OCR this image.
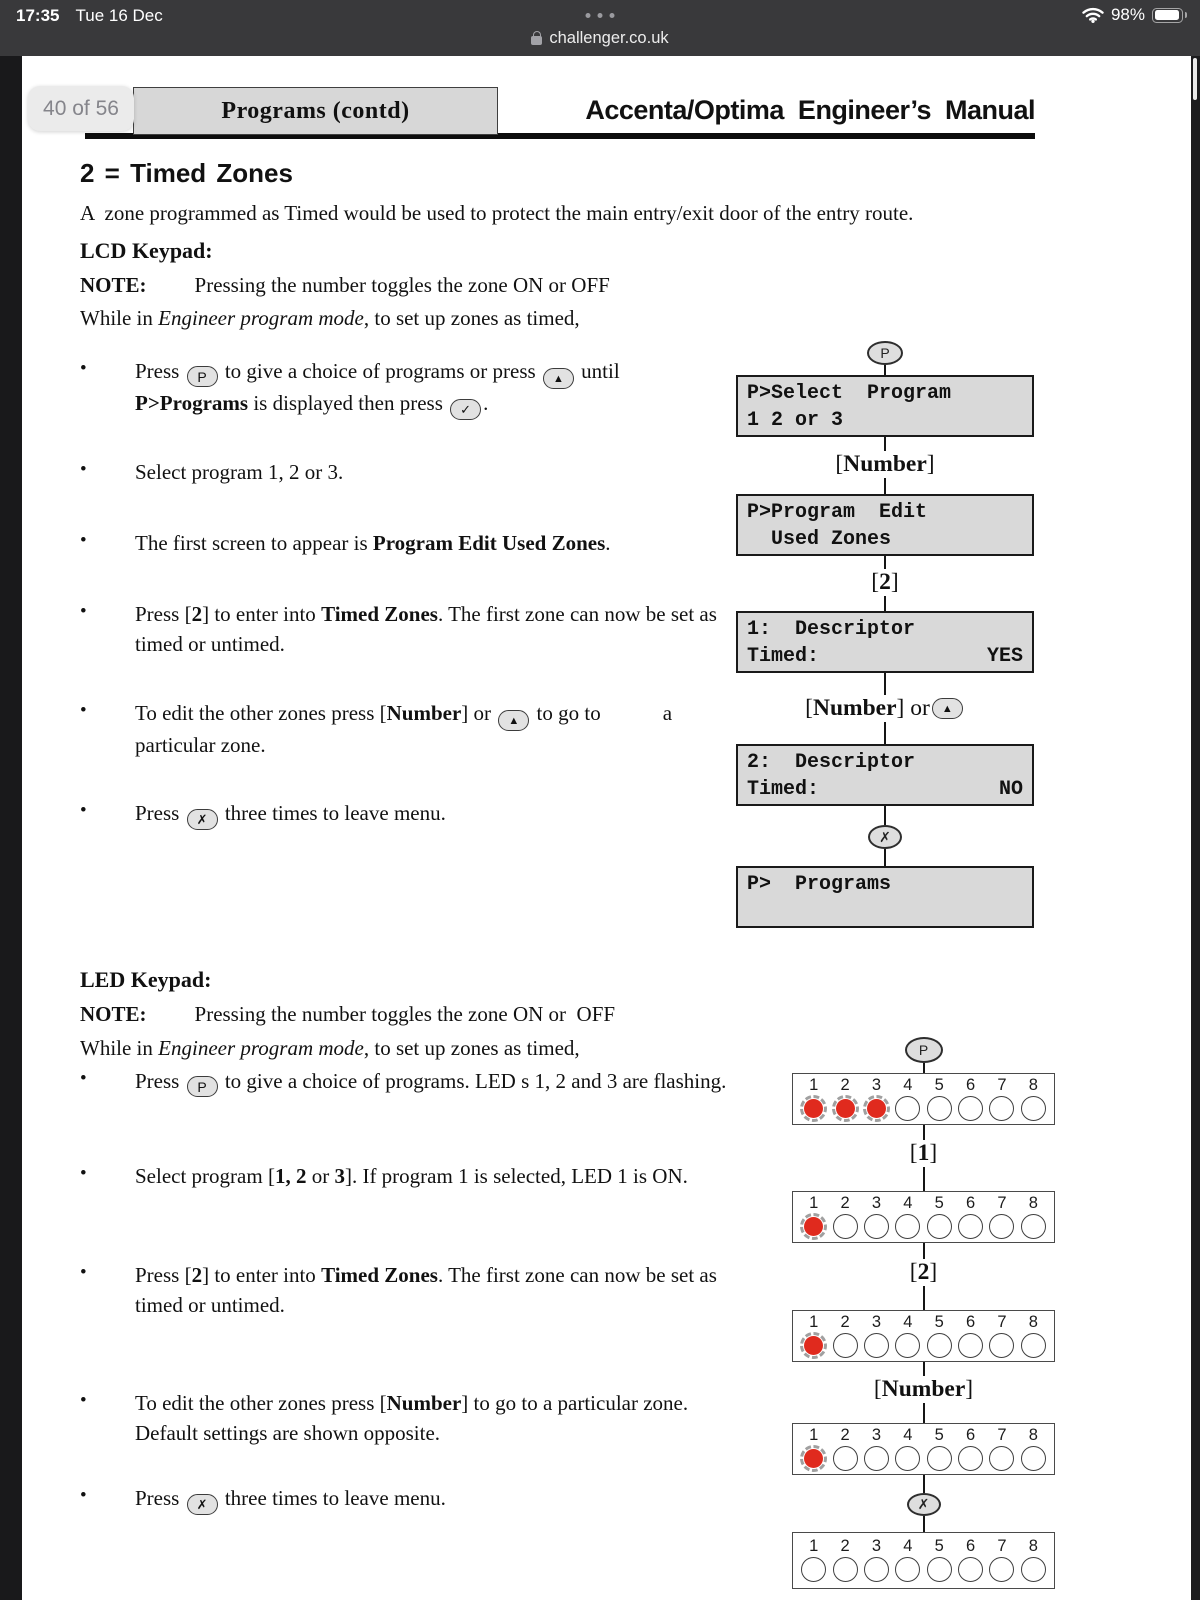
17:35 Tue 16 Dec	98%
challenger.co.uk
40 of 56	Programs (contd)	Accenta/Optima Engineer’s Manual
2 = Timed Zones
A  zone programmed as Timed would be used to protect the main entry/exit door of the entry route.
LCD Keypad:
NOTE: Pressing the number toggles the zone ON or OFF
While in Engineer program mode, to set up zones as timed,
•	Press P to give a choice of programs or press ▲ until P>Programs is displayed then press ✓ .
•	Select program 1, 2 or 3.
•	The first screen to appear is Program Edit Used Zones.
•	Press [2] to enter into Timed Zones. The first zone can now be set as timed or untimed.
•	To edit the other zones press [Number] or ▲ to go to	a particular zone.
•	Press ✗ three times to leave menu.
P
P>Select  Program
1 2 or 3
[ Number ]
P>Program  Edit
Used Zones
[ 2 ]
1:  Descriptor
Timed:	YES
[ Number ] or	▲
2:  Descriptor
Timed:	NO
✗
P>  Programs
LED Keypad:
NOTE: Pressing the number toggles the zone ON or  OFF
While in Engineer program mode, to set up zones as timed,
•	Press P to give a choice of programs. LED s 1, 2 and 3 are flashing.
•	Select program [1, 2 or 3]. If program 1 is selected, LED 1 is ON.
•	Press [2] to enter into Timed Zones. The first zone can now be set as timed or untimed.
•	To edit the other zones press [Number] to go to a particular zone. Default settings are shown opposite.
•	Press ✗ three times to leave menu.
P
1	2	3	4	5	6	7	8
[ 1 ]
1	2	3	4	5	6	7	8
[ 2 ]
1	2	3	4	5	6	7	8
[ Number ]
1	2	3	4	5	6	7	8
✗
1	2	3	4	5	6	7	8
